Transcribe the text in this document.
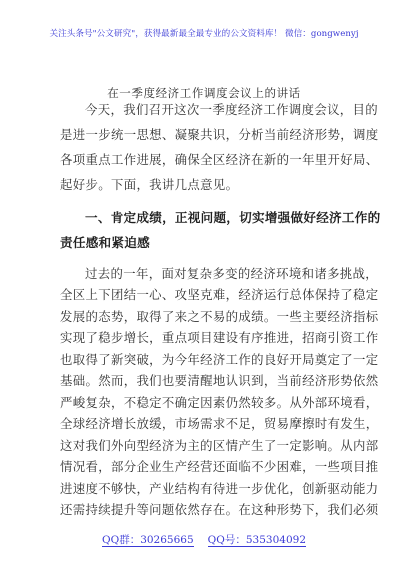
关注头条号"公文研究"，获得最新最全最专业的公文资料库！ 微信：gongwenyj
在一季度经济工作调度会议上的讲话
今天，我们召开这次一季度经济工作调度会议，目的
是进一步统一思想、凝聚共识，分析当前经济形势，调度
各项重点工作进展，确保全区经济在新的一年里开好局、
起好步。下面，我讲几点意见。
一、肯定成绩，正视问题，切实增强做好经济工作的
责任感和紧迫感
过去的一年，面对复杂多变的经济环境和诸多挑战，
全区上下团结一心、攻坚克难，经济运行总体保持了稳定
发展的态势，取得了来之不易的成绩。一些主要经济指标
实现了稳步增长，重点项目建设有序推进，招商引资工作
也取得了新突破，为今年经济工作的良好开局奠定了一定
基础。然而，我们也要清醒地认识到，当前经济形势依然
严峻复杂，不稳定不确定因素仍然较多。从外部环境看，
全球经济增长放缓，市场需求不足，贸易摩擦时有发生，
这对我们外向型经济为主的区情产生了一定影响。从内部
情况看，部分企业生产经营还面临不少困难，一些项目推
进速度不够快，产业结构有待进一步优化，创新驱动能力
还需持续提升等问题依然存在。在这种形势下，我们必须
QQ群：30265665 QQ号：535304092
